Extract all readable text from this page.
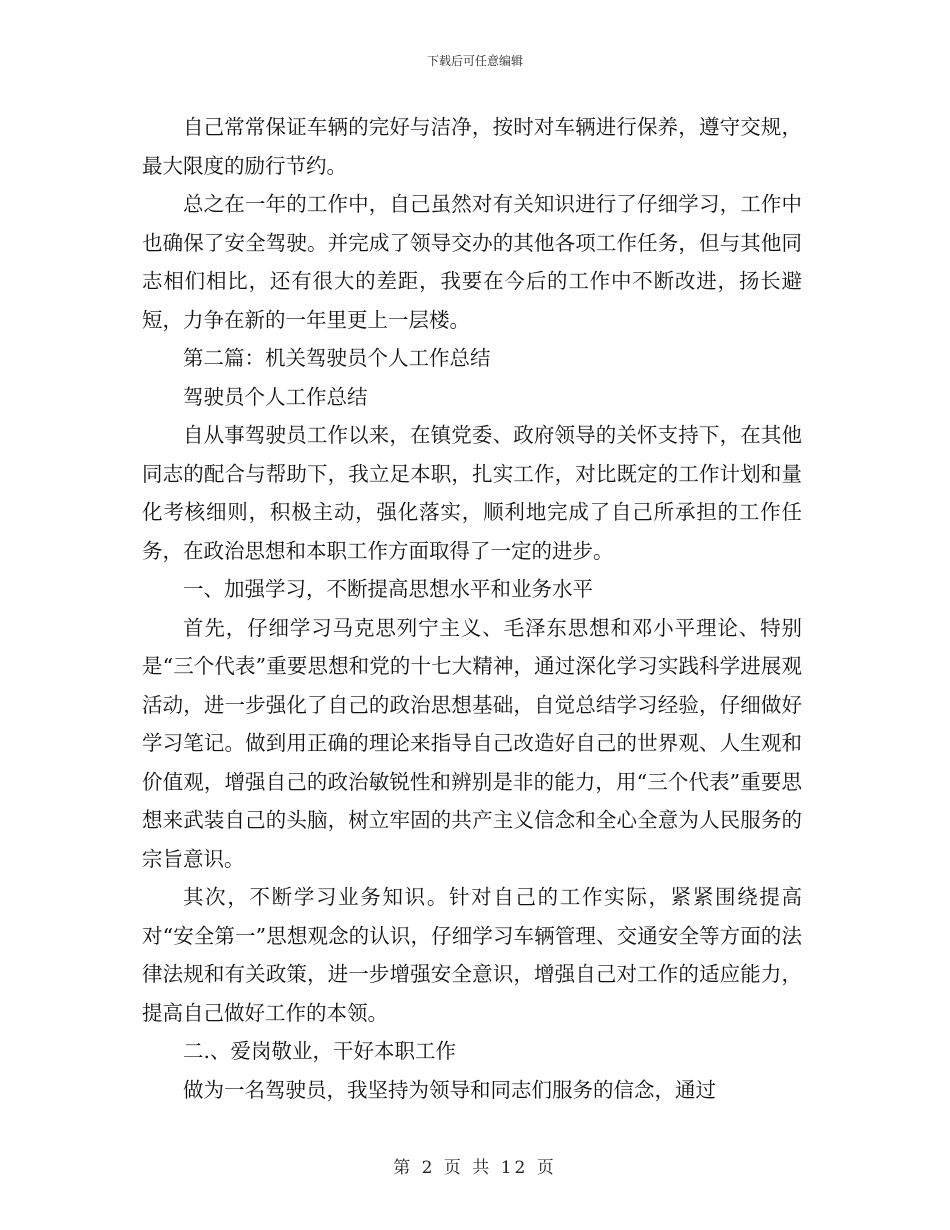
下载后可任意编辑

自己常常保证车辆的完好与洁净，按时对车辆进行保养，遵守交规，最大限度的励行节约。

总之在一年的工作中，自己虽然对有关知识进行了仔细学习，工作中也确保了安全驾驶。并完成了领导交办的其他各项工作任务，但与其他同志相们相比，还有很大的差距，我要在今后的工作中不断改进，扬长避短，力争在新的一年里更上一层楼。

第二篇：机关驾驶员个人工作总结

驾驶员个人工作总结

自从事驾驶员工作以来，在镇党委、政府领导的关怀支持下，在其他同志的配合与帮助下，我立足本职，扎实工作，对比既定的工作计划和量化考核细则，积极主动，强化落实，顺利地完成了自己所承担的工作任务，在政治思想和本职工作方面取得了一定的进步。

一、加强学习，不断提高思想水平和业务水平

首先，仔细学习马克思列宁主义、毛泽东思想和邓小平理论、特别是“三个代表”重要思想和党的十七大精神，通过深化学习实践科学进展观活动，进一步强化了自己的政治思想基础，自觉总结学习经验，仔细做好学习笔记。做到用正确的理论来指导自己改造好自己的世界观、人生观和价值观，增强自己的政治敏锐性和辨别是非的能力，用“三个代表”重要思想来武装自己的头脑，树立牢固的共产主义信念和全心全意为人民服务的宗旨意识。

其次，不断学习业务知识。针对自己的工作实际，紧紧围绕提高对“安全第一”思想观念的认识，仔细学习车辆管理、交通安全等方面的法律法规和有关政策，进一步增强安全意识，增强自己对工作的适应能力，提高自己做好工作的本领。

二.、爱岗敬业，干好本职工作

做为一名驾驶员，我坚持为领导和同志们服务的信念，通过

第 2 页 共 12 页
